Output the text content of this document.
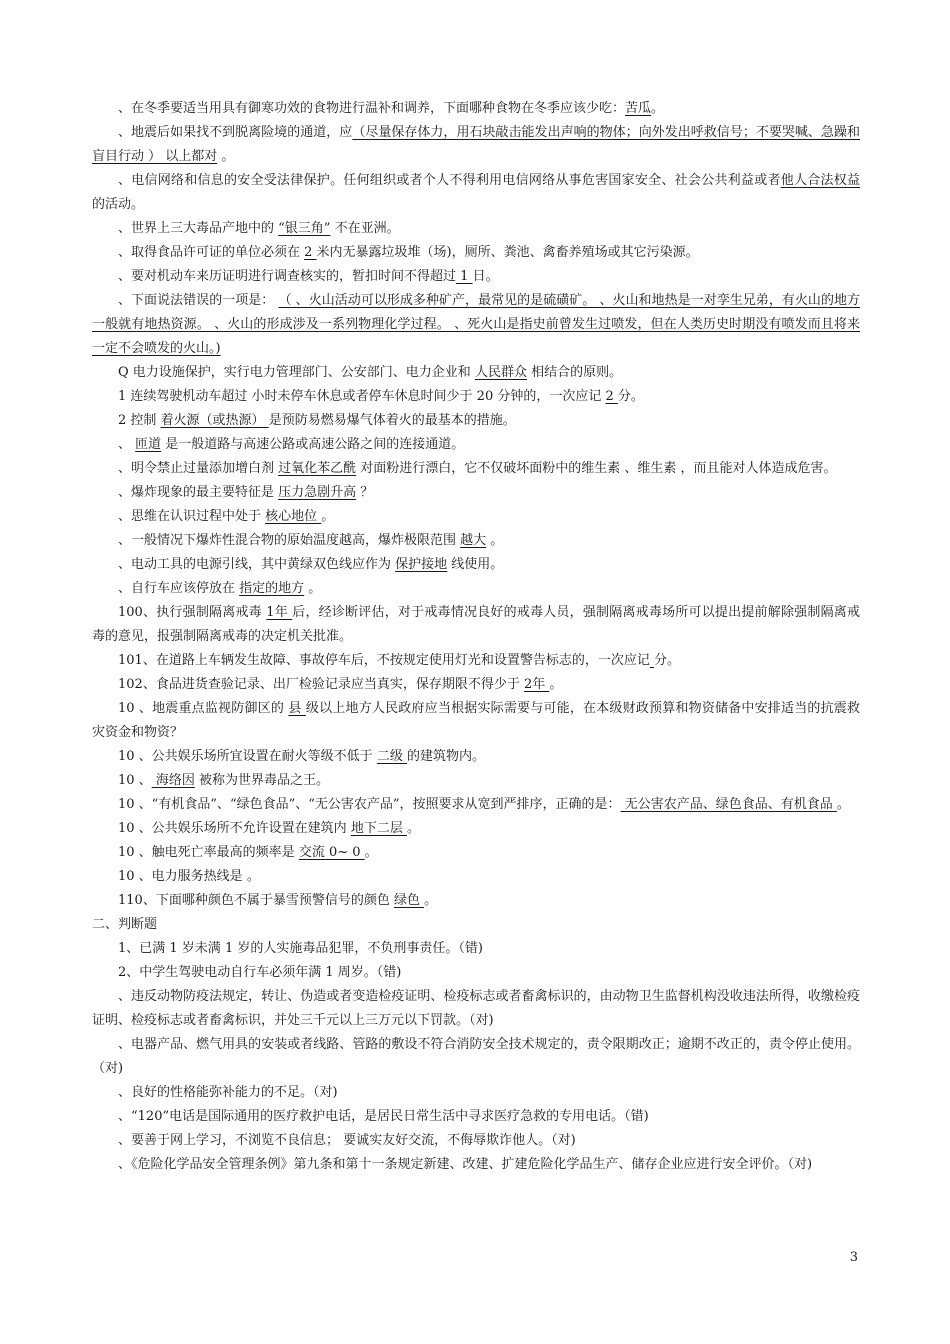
、在冬季要适当用具有御寒功效的食物进行温补和调养，下面哪种食物在冬季应该少吃：苦瓜。

、地震后如果找不到脱离险境的通道，应（尽量保存体力，用石块敲击能发出声响的物体；向外发出呼救信号；不要哭喊、急躁和盲目行动 ） 以上都对 。

、电信网络和信息的安全受法律保护。任何组织或者个人不得利用电信网络从事危害国家安全、社会公共利益或者他人合法权益 的活动。

、世界上三大毒品产地中的 “银三角” 不在亚洲。

、取得食品许可证的单位必须在 2 米内无暴露垃圾堆（场)，厕所、粪池、禽畜养殖场或其它污染源。

、要对机动车来历证明进行调查核实的，暂扣时间不得超过 1 日。

、下面说法错误的一项是： （ 、火山活动可以形成多种矿产，最常见的是硫磺矿。 、火山和地热是一对孪生兄弟，有火山的地方一般就有地热资源。 、火山的形成涉及一系列物理化学过程。 、死火山是指史前曾发生过喷发，但在人类历史时期没有喷发而且将来一定不会喷发的火山。)

Q 电力设施保护，实行电力管理部门、公安部门、电力企业和 人民群众 相结合的原则。

1 连续驾驶机动车超过 小时未停车休息或者停车休息时间少于 20 分钟的，一次应记 2 分。

2 控制 着火源（或热源） 是预防易燃易爆气体着火的最基本的措施。

、 匝道 是一般道路与高速公路或高速公路之间的连接通道。

、明令禁止过量添加增白剂 过氧化苯乙酰 对面粉进行漂白，它不仅破坏面粉中的维生素 、维生素 ，而且能对人体造成危害。

、爆炸现象的最主要特征是 压力急剧升高 ？

、思维在认识过程中处于 核心地位 。

、一般情况下爆炸性混合物的原始温度越高，爆炸极限范围 越大 。

、电动工具的电源引线，其中黄绿双色线应作为 保护接地 线使用。

、自行车应该停放在 指定的地方 。

100、执行强制隔离戒毒 1年 后，经诊断评估，对于戒毒情况良好的戒毒人员，强制隔离戒毒场所可以提出提前解除强制隔离戒毒的意见，报强制隔离戒毒的决定机关批准。

101、在道路上车辆发生故障、事故停车后，不按规定使用灯光和设置警告标志的，一次应记 分。

102、食品进货查验记录、出厂检验记录应当真实，保存期限不得少于 2年 。

10 、地震重点监视防御区的 县 级以上地方人民政府应当根据实际需要与可能，在本级财政预算和物资储备中安排适当的抗震救灾资金和物资？

10 、公共娱乐场所宜设置在耐火等级不低于 二级 的建筑物内。

10 、 海络因 被称为世界毒品之王。

10 、“有机食品”、“绿色食品”、“无公害农产品”，按照要求从宽到严排序，正确的是： 无公害农产品、绿色食品、有机食品 。

10 、公共娱乐场所不允许设置在建筑内 地下二层 。

10 、触电死亡率最高的频率是 交流 0~ 0 。

10 、电力服务热线是 。

110、下面哪种颜色不属于暴雪预警信号的颜色 绿色 。

二、判断题

1、已满 1 岁未满 1 岁的人实施毒品犯罪，不负刑事责任。（错)

2、中学生驾驶电动自行车必须年满 1 周岁。（错)

、违反动物防疫法规定，转让、伪造或者变造检疫证明、检疫标志或者畜禽标识的，由动物卫生监督机构没收违法所得，收缴检疫证明、检疫标志或者畜禽标识，并处三千元以上三万元以下罚款。（对)

、电器产品、燃气用具的安装或者线路、管路的敷设不符合消防安全技术规定的，责令限期改正；逾期不改正的，责令停止使用。（对)

、良好的性格能弥补能力的不足。（对)

、“120”电话是国际通用的医疗救护电话，是居民日常生活中寻求医疗急救的专用电话。（错)

、要善于网上学习，不浏览不良信息； 要诚实友好交流，不侮辱欺诈他人。（对)

、《危险化学品安全管理条例》第九条和第十一条规定新建、改建、扩建危险化学品生产、储存企业应进行安全评价。（对)

3
